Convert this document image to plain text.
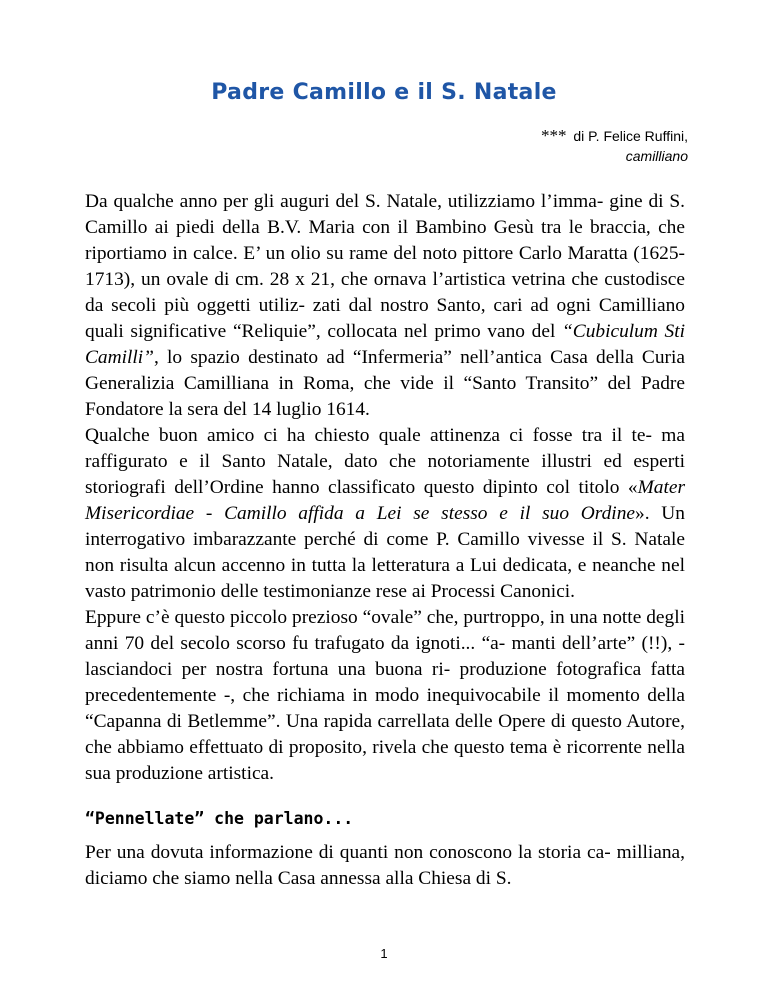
Padre Camillo e il S. Natale
*** di P. Felice Ruffini,
camilliano

Da qualche anno per gli auguri del S. Natale, utilizziamo l’imma- gine di S. Camillo ai piedi della B.V. Maria con il Bambino Gesù tra le braccia, che riportiamo in calce. E’ un olio su rame del noto pittore Carlo Maratta (1625-1713), un ovale di cm. 28 x 21, che ornava l’artistica vetrina che custodisce da secoli più oggetti utiliz- zati dal nostro Santo, cari ad ogni Camilliano quali significative “Reliquie”, collocata nel primo vano del “Cubiculum Sti Camilli”, lo spazio destinato ad “Infermeria” nell’antica Casa della Curia Generalizia Camilliana in Roma, che vide il “Santo Transito” del Padre Fondatore la sera del 14 luglio 1614.

Qualche buon amico ci ha chiesto quale attinenza ci fosse tra il te- ma raffigurato e il Santo Natale, dato che notoriamente illustri ed esperti storiografi dell’Ordine hanno classificato questo dipinto col titolo «Mater Misericordiae - Camillo affida a Lei se stesso e il suo Ordine». Un interrogativo imbarazzante perché di come P. Camillo vivesse il S. Natale non risulta alcun accenno in tutta la letteratura a Lui dedicata, e neanche nel vasto patrimonio delle testimonianze rese ai Processi Canonici.

Eppure c’è questo piccolo prezioso “ovale” che, purtroppo, in una notte degli anni 70 del secolo scorso fu trafugato da ignoti... “a- manti dell’arte” (!!), - lasciandoci per nostra fortuna una buona ri- produzione fotografica fatta precedentemente -, che richiama in modo inequivocabile il momento della “Capanna di Betlemme”. Una rapida carrellata delle Opere di questo Autore, che abbiamo effettuato di proposito, rivela che questo tema è ricorrente nella sua produzione artistica.

“Pennellate” che parlano...

Per una dovuta informazione di quanti non conoscono la storia ca- milliana, diciamo che siamo nella Casa annessa alla Chiesa di S.

1
